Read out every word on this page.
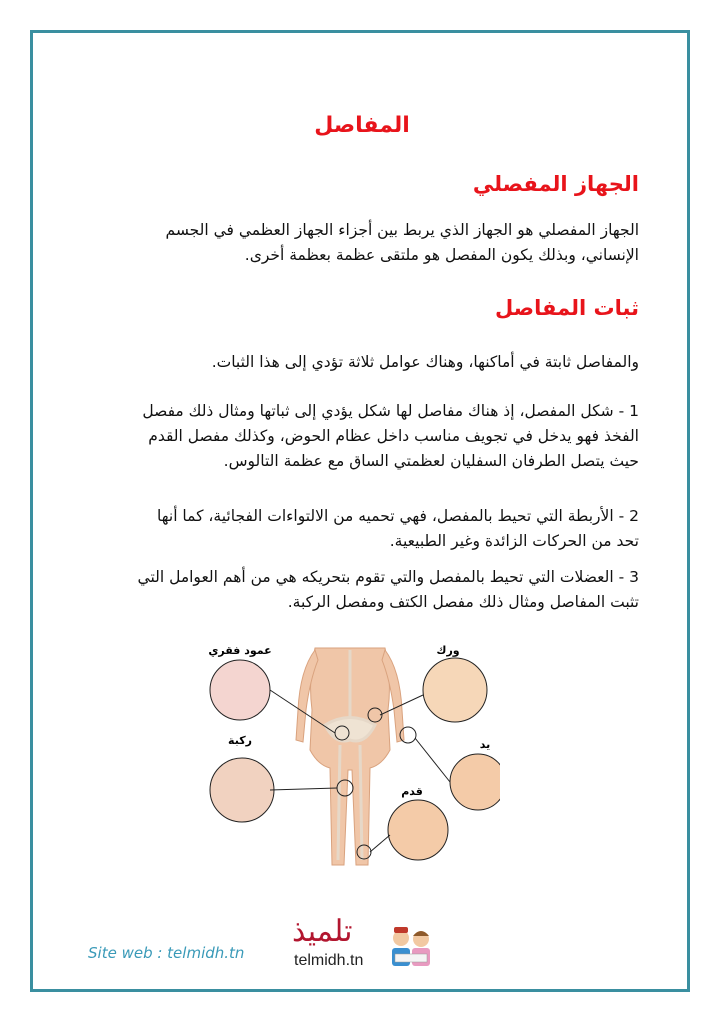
المفاصل
الجهاز المفصلي
الجهاز المفصلي هو الجهاز الذي يربط بين أجزاء الجهاز العظمي في الجسم
الإنساني، وبذلك يكون المفصل هو ملتقى عظمة بعظمة أخرى.
ثبات المفاصل
والمفاصل ثابتة في أماكنها، وهناك عوامل ثلاثة تؤدي إلى هذا الثبات.
1 - شكل المفصل، إذ هناك مفاصل لها شكل يؤدي إلى ثباتها ومثال ذلك مفصل
الفخذ فهو يدخل في تجويف مناسب داخل عظام الحوض، وكذلك مفصل القدم
حيث يتصل الطرفان السفليان لعظمتي الساق مع عظمة التالوس.
2 - الأربطة التي تحيط بالمفصل، فهي تحميه من الالتواءات الفجائية، كما أنها
تحد من الحركات الزائدة وغير الطبيعية.
3 - العضلات التي تحيط بالمفصل والتي تقوم بتحريكه هي من أهم العوامل التي
تثبت المفاصل ومثال ذلك مفصل الكتف ومفصل الركبة.
عمود فقري	ورك
ركبة	يد
قدم
Site web : telmidh.tn
تلميذ
telmidh.tn
